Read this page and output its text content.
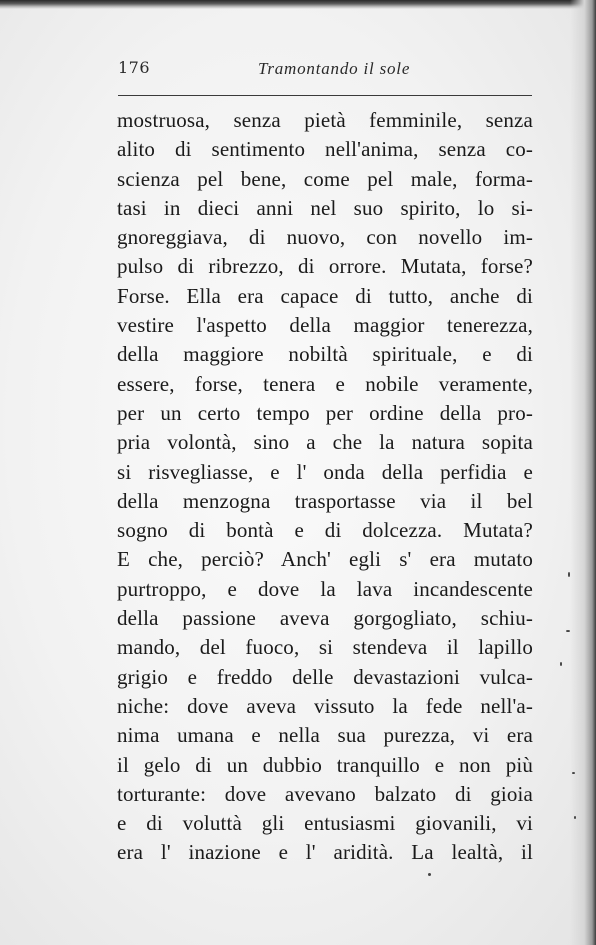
176	Tramontando il sole
mostruosa, senza pietà femminile, senza
alito di sentimento nell'anima, senza co-
scienza pel bene, come pel male, forma-
tasi in dieci anni nel suo spirito, lo si-
gnoreggiava, di nuovo, con novello im-
pulso di ribrezzo, di orrore. Mutata, forse?
Forse. Ella era capace di tutto, anche di
vestire l'aspetto della maggior tenerezza,
della maggiore nobiltà spirituale, e di
essere, forse, tenera e nobile veramente,
per un certo tempo per ordine della pro-
pria volontà, sino a che la natura sopita
si risvegliasse, e l' onda della perfidia e
della menzogna trasportasse via il bel
sogno di bontà e di dolcezza. Mutata?
E che, perciò? Anch' egli s' era mutato
purtroppo, e dove la lava incandescente
della passione aveva gorgogliato, schiu-
mando, del fuoco, si stendeva il lapillo
grigio e freddo delle devastazioni vulca-
niche: dove aveva vissuto la fede nell'a-
nima umana e nella sua purezza, vi era
il gelo di un dubbio tranquillo e non più
torturante: dove avevano balzato di gioia
e di voluttà gli entusiasmi giovanili, vi
era l' inazione e l' aridità. La lealtà, il
